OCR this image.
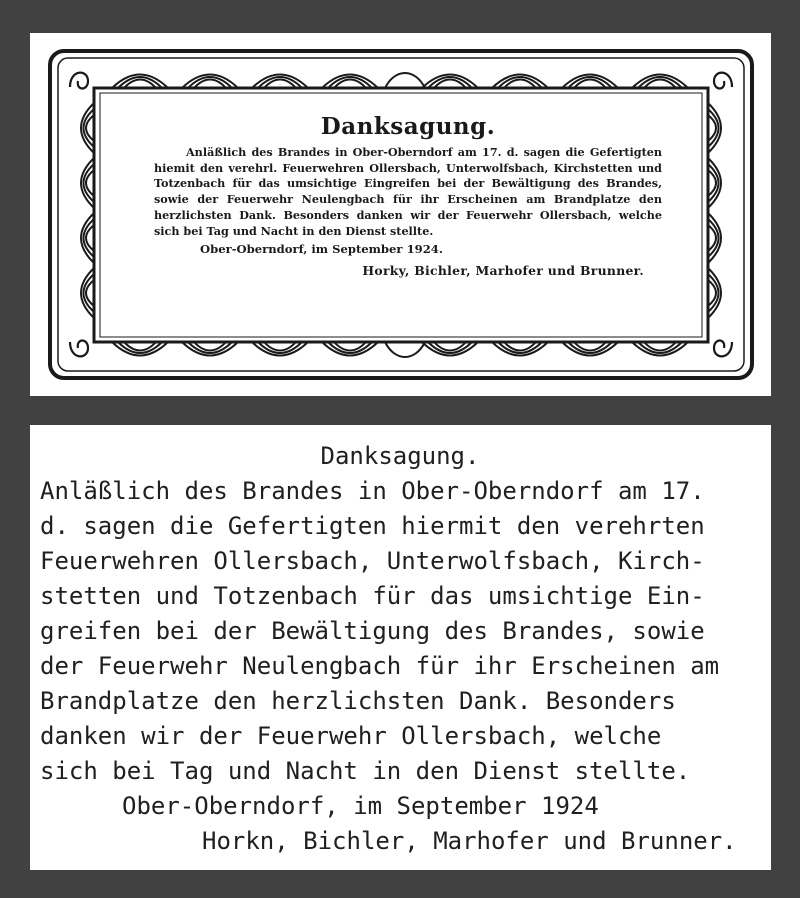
Danksagung.
Anläßlich des Brandes in Ober-Oberndorf am 17. d. sagen die Gefertigten hiemit den verehrl. Feuerwehren Ollersbach, Unterwolfsbach, Kirchstetten und Totzenbach für das umsichtige Eingreifen bei der Bewältigung des Brandes, sowie der Feuerwehr Neulengbach für ihr Erscheinen am Brandplatze den herzlichsten Dank. Besonders danken wir der Feuerwehr Ollersbach, welche sich bei Tag und Nacht in den Dienst stellte.
Ober-Oberndorf, im September 1924.
Horky, Bichler, Marhofer und Brunner.
Danksagung.
Anläßlich des Brandes in Ober-Oberndorf am 17.
d. sagen die Gefertigten hiermit den verehrten
Feuerwehren Ollersbach, Unterwolfsbach, Kirch-
stetten und Totzenbach für das umsichtige Ein-
greifen bei der Bewältigung des Brandes, sowie
der Feuerwehr Neulengbach für ihr Erscheinen am
Brandplatze den herzlichsten Dank. Besonders
danken wir der Feuerwehr Ollersbach, welche
sich bei Tag und Nacht in den Dienst stellte.
Ober-Oberndorf, im September 1924
Horkn, Bichler, Marhofer und Brunner.
